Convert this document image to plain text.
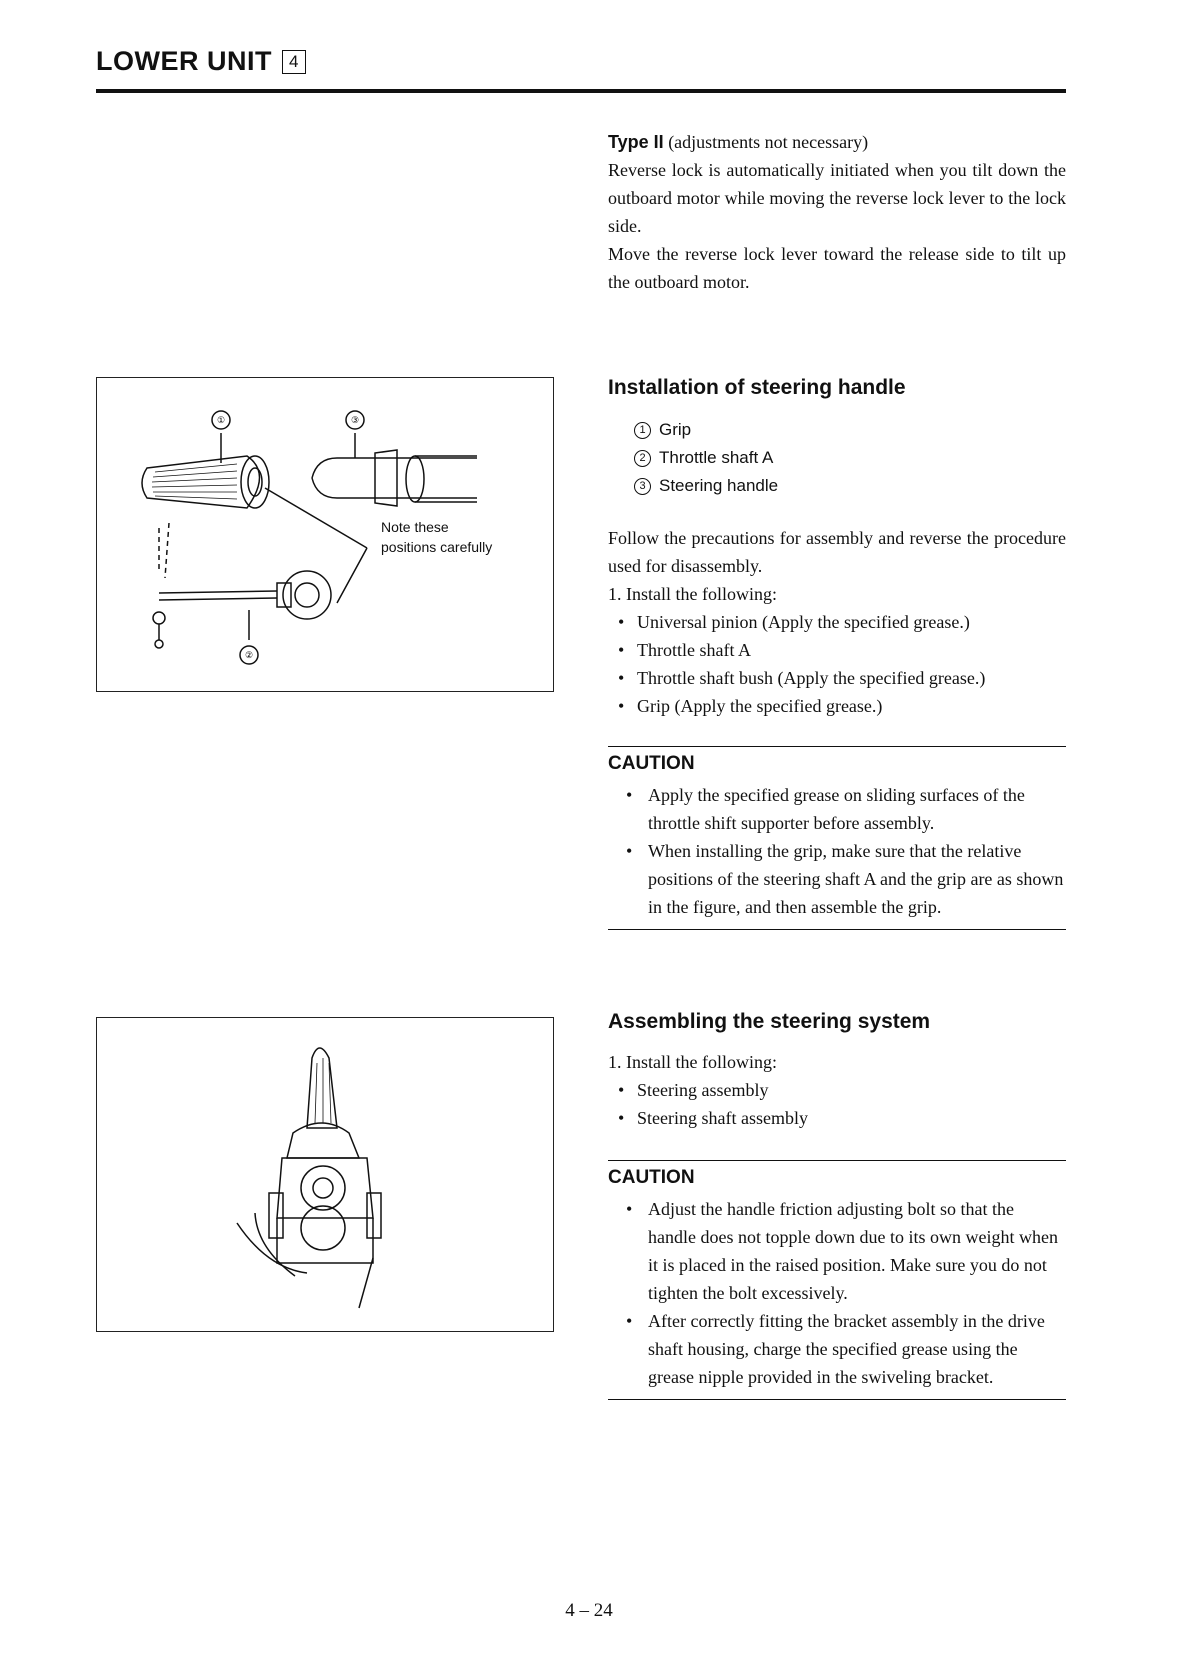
LOWER UNIT	4

Type II (adjustments not necessary)

Reverse lock is automatically initiated when you tilt down the outboard motor while moving the reverse lock lever to the lock side.

Move the reverse lock lever toward the release side to tilt up the outboard motor.

①	③
②
Note these
positions carefully
Installation of steering handle
1 Grip
2 Throttle shaft A
3 Steering handle

Follow the precautions for assembly and reverse the procedure used for disassembly.

1. Install the following:

• Universal pinion (Apply the specified grease.)
• Throttle shaft A
• Throttle shaft bush (Apply the specified grease.)
• Grip (Apply the specified grease.)

CAUTION

• Apply the specified grease on sliding surfaces of the throttle shift supporter before assembly.
• When installing the grip, make sure that the relative positions of the steering shaft A and the grip are as shown in the figure, and then assemble the grip.
Assembling the steering system

1. Install the following:

• Steering assembly
• Steering shaft assembly

CAUTION

• Adjust the handle friction adjusting bolt so that the handle does not topple down due to its own weight when it is placed in the raised position. Make sure you do not tighten the bolt excessively.
• After correctly fitting the bracket assembly in the drive shaft housing, charge the specified grease using the grease nipple provided in the swiveling bracket.
4 – 24
